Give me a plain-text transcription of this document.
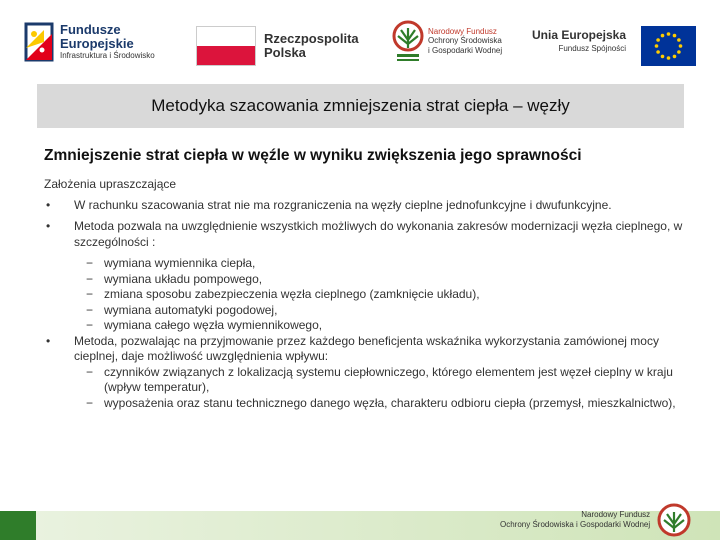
Fundusze
Europejskie
Infrastruktura i Środowisko
Rzeczpospolita
Polska
Narodowy Fundusz
Ochrony Środowiska
i Gospodarki Wodnej
Unia Europejska
Fundusz Spójności
Metodyka szacowania zmniejszenia strat ciepła – węzły
Zmniejszenie strat ciepła w węźle w wyniku zwiększenia jego sprawności
Założenia upraszczające
• W rachunku szacowania strat nie ma rozgraniczenia na węzły cieplne jednofunkcyjne i dwufunkcyjne.
• Metoda pozwala na uwzględnienie wszystkich możliwych do wykonania zakresów modernizacji węzła cieplnego, w szczególności :
− wymiana wymiennika ciepła,
− wymiana układu pompowego,
− zmiana sposobu zabezpieczenia węzła cieplnego (zamknięcie układu),
− wymiana automatyki pogodowej,
− wymiana całego węzła wymiennikowego,
• Metoda, pozwalając na przyjmowanie przez każdego beneficjenta wskaźnika wykorzystania zamówionej mocy cieplnej, daje możliwość uwzględnienia wpływu:
− czynników związanych z lokalizacją systemu ciepłowniczego, którego elementem jest węzeł cieplny w kraju (wpływ temperatur),
− wyposażenia oraz stanu technicznego danego węzła, charakteru odbioru ciepła (przemysł, mieszkalnictwo),
Narodowy Fundusz
Ochrony Środowiska i Gospodarki Wodnej
